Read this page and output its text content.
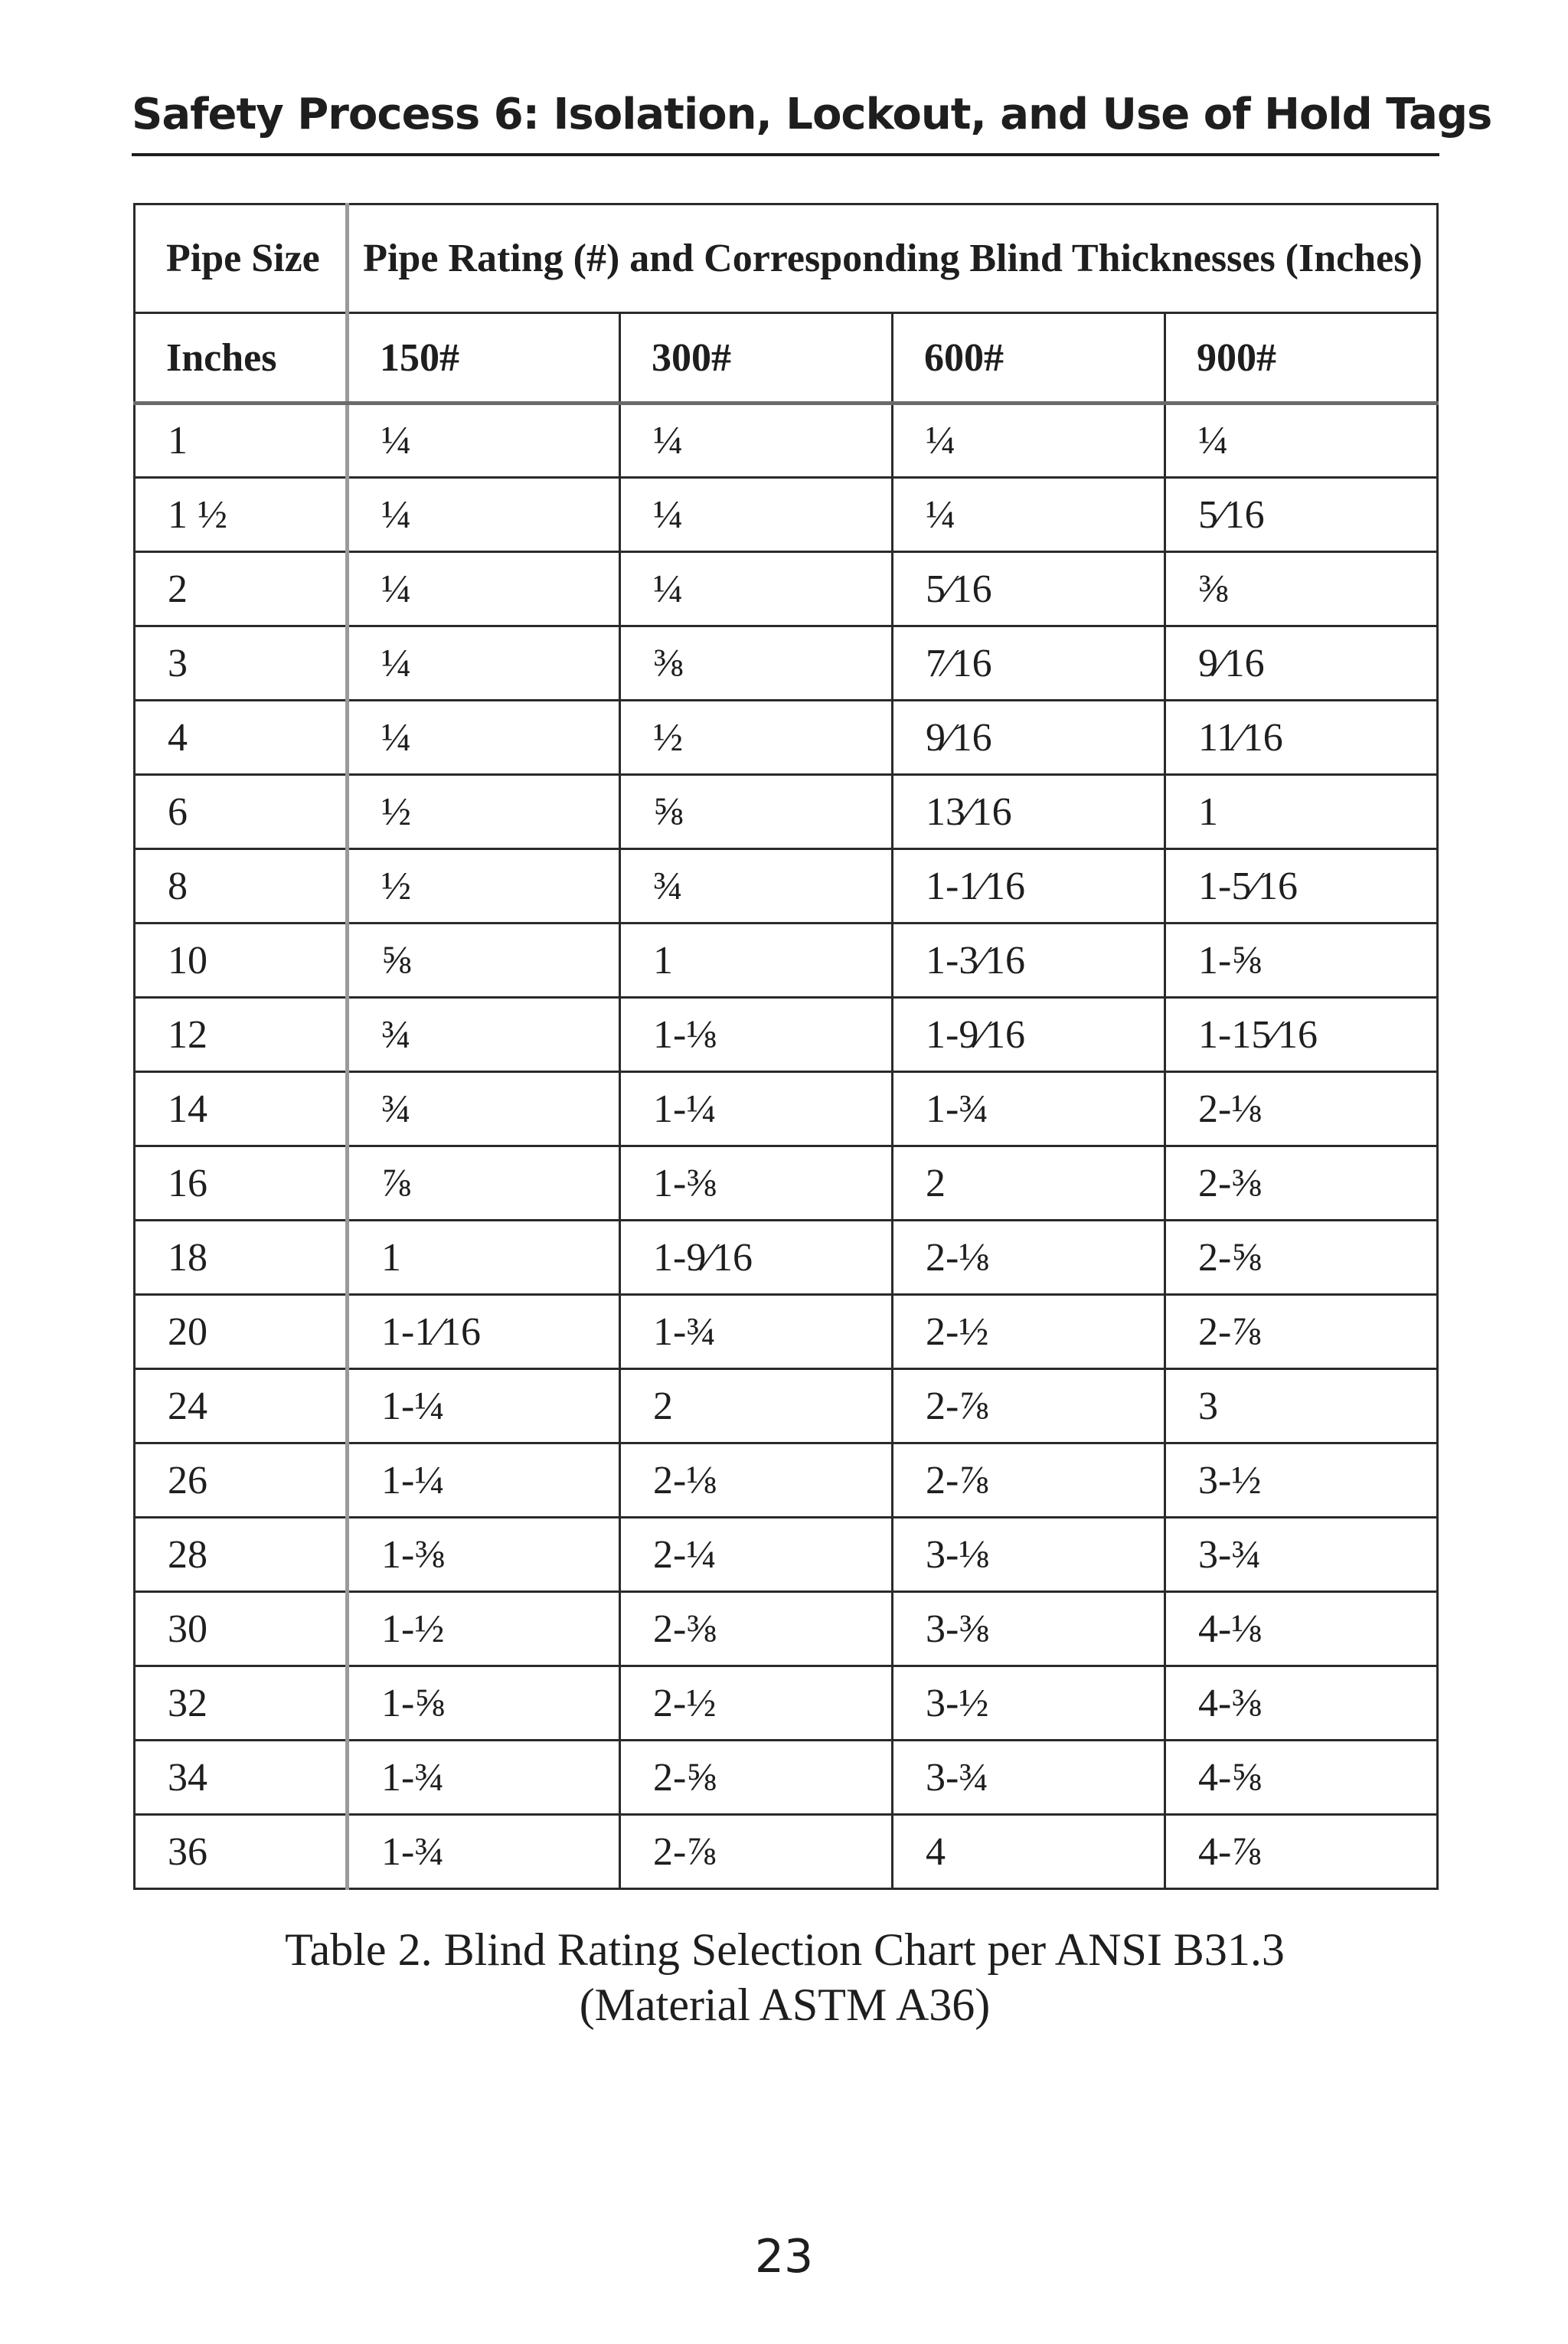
Safety Process 6: Isolation, Lockout, and Use of Hold Tags
Pipe Size	Pipe Rating (#) and Corresponding Blind Thicknesses (Inches)			
Inches	150#	300#	600#	900#
1	¼	¼	¼	¼
1 ½	¼	¼	¼	5⁄16
2	¼	¼	5⁄16	⅜
3	¼	⅜	7⁄16	9⁄16
4	¼	½	9⁄16	11⁄16
6	½	⅝	13⁄16	1
8	½	¾	1-1⁄16	1-5⁄16
10	⅝	1	1-3⁄16	1-⅝
12	¾	1-⅛	1-9⁄16	1-15⁄16
14	¾	1-¼	1-¾	2-⅛
16	⅞	1-⅜	2	2-⅜
18	1	1-9⁄16	2-⅛	2-⅝
20	1-1⁄16	1-¾	2-½	2-⅞
24	1-¼	2	2-⅞	3
26	1-¼	2-⅛	2-⅞	3-½
28	1-⅜	2-¼	3-⅛	3-¾
30	1-½	2-⅜	3-⅜	4-⅛
32	1-⅝	2-½	3-½	4-⅜
34	1-¾	2-⅝	3-¾	4-⅝
36	1-¾	2-⅞	4	4-⅞
Table 2. Blind Rating Selection Chart per ANSI B31.3
(Material ASTM A36)
23
